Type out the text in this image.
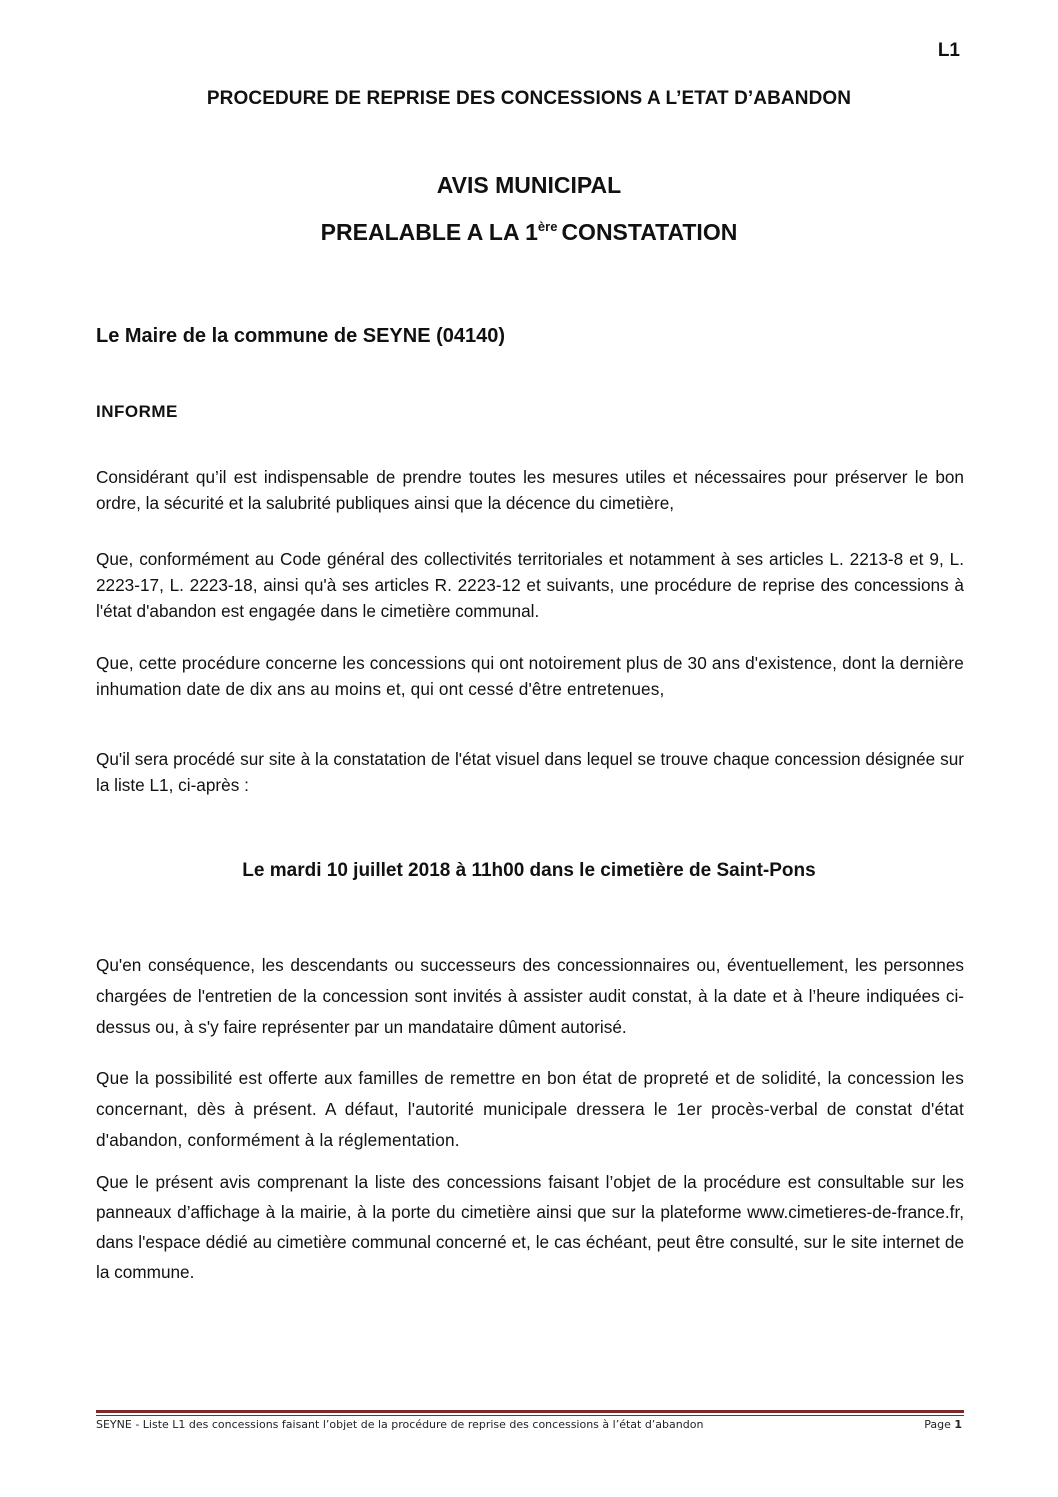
L1
PROCEDURE DE REPRISE DES CONCESSIONS A L’ETAT D’ABANDON
AVIS MUNICIPAL
PREALABLE A LA 1ère CONSTATATION
Le Maire de la commune de SEYNE (04140)
INFORME

Considérant qu’il est indispensable de prendre toutes les mesures utiles et nécessaires pour préserver le bon ordre, la sécurité et la salubrité publiques ainsi que la décence du cimetière,

Que, conformément au Code général des collectivités territoriales et notamment à ses articles L. 2213-8 et 9, L. 2223-17, L. 2223-18, ainsi qu'à ses articles R. 2223-12 et suivants, une procédure de reprise des concessions à l'état d'abandon est engagée dans le cimetière communal.

Que, cette procédure concerne les concessions qui ont notoirement plus de 30 ans d'existence, dont la dernière inhumation date de dix ans au moins et, qui ont cessé d'être entretenues,

Qu'il sera procédé sur site à la constatation de l'état visuel dans lequel se trouve chaque concession désignée sur la liste L1, ci-après :

Le mardi 10 juillet 2018 à 11h00 dans le cimetière de Saint-Pons

Qu'en conséquence, les descendants ou successeurs des concessionnaires ou, éventuellement, les personnes chargées de l'entretien de la concession sont invités à assister audit constat, à la date et à l’heure indiquées ci-dessus ou, à s'y faire représenter par un mandataire dûment autorisé.

Que la possibilité est offerte aux familles de remettre en bon état de propreté et de solidité, la concession les concernant, dès à présent. A défaut, l'autorité municipale dressera le 1er procès-verbal de constat d'état d'abandon, conformément à la réglementation.

Que le présent avis comprenant la liste des concessions faisant l’objet de la procédure est consultable sur les panneaux d’affichage à la mairie, à la porte du cimetière ainsi que sur la plateforme www.cimetieres-de-france.fr, dans l'espace dédié au cimetière communal concerné et, le cas échéant, peut être consulté, sur le site internet de la commune.

SEYNE - Liste L1 des concessions faisant l’objet de la procédure de reprise des concessions à l’état d’abandon	Page 1
